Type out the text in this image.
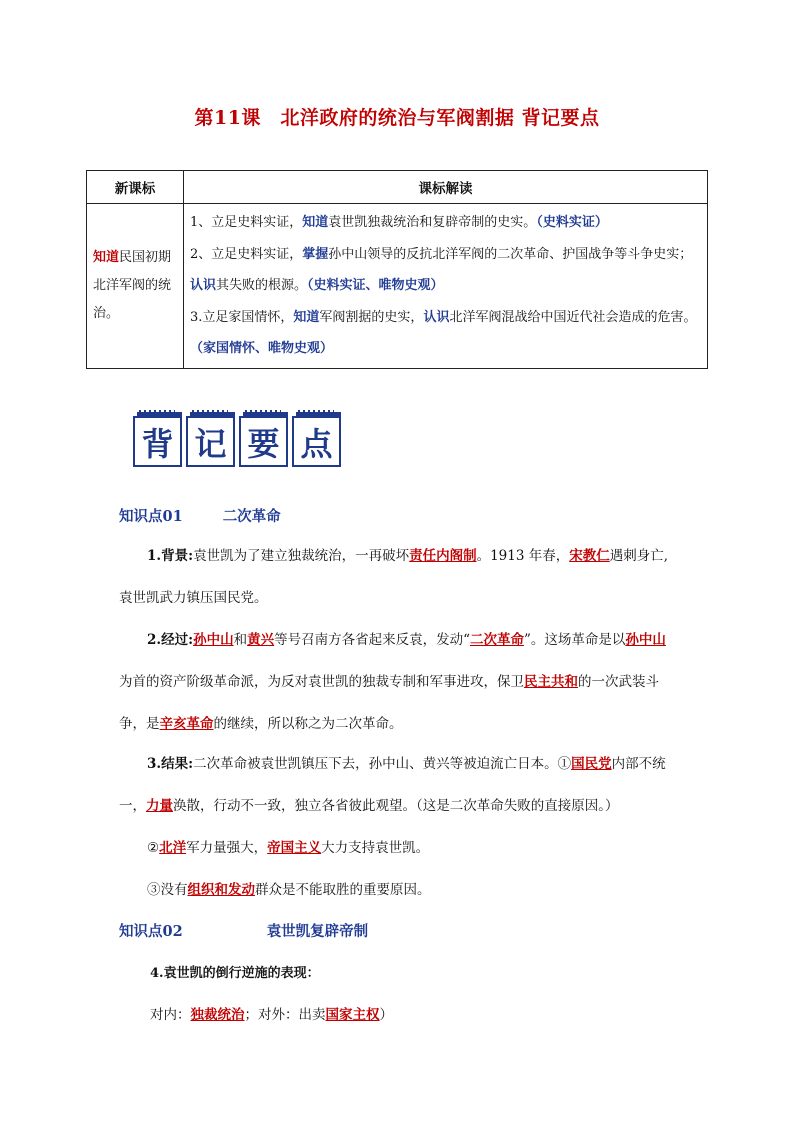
第11课　北洋政府的统治与军阀割据 背记要点
新课标	课标解读
知道民国初期北洋军阀的统治。	1、立足史料实证，知道袁世凯独裁统治和复辟帝制的史实。（史料实证）
2、立足史料实证，掌握孙中山领导的反抗北洋军阀的二次革命、护国战争等斗争史实；认识其失败的根源。（史料实证、唯物史观）
3.立足家国情怀，知道军阀割据的史实，认识北洋军阀混战给中国近代社会造成的危害。（家国情怀、唯物史观）
背 记 要 点
知识点01	二次革命
1.背景:袁世凯为了建立独裁统治，一再破坏责任内阁制。1913 年春，宋教仁遇刺身亡,袁世凯武力镇压国民党。
2.经过:孙中山和黄兴等号召南方各省起来反袁，发动“二次革命”。这场革命是以孙中山为首的资产阶级革命派，为反对袁世凯的独裁专制和军事进攻，保卫民主共和的一次武装斗争，是辛亥革命的继续，所以称之为二次革命。
3.结果:二次革命被袁世凯镇压下去，孙中山、黄兴等被迫流亡日本。①国民党内部不统一，力量涣散，行动不一致，独立各省彼此观望。（这是二次革命失败的直接原因。）
②北洋军力量强大，帝国主义大力支持袁世凯。
③没有组织和发动群众是不能取胜的重要原因。
知识点02	袁世凯复辟帝制
4.袁世凯的倒行逆施的表现：
对内：独裁统治；对外：出卖国家主权）
